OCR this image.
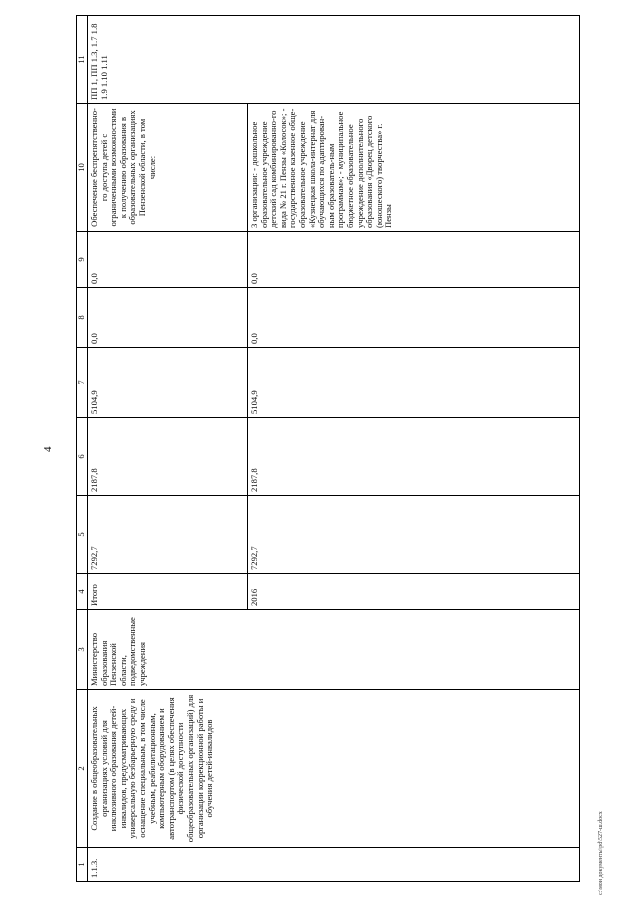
4
1	2	3	4	5	6	7	8	9	10	11
1.1.3.	Создание в общеобразовательных организациях условий для инклюзивного образования детей-инвалидов, предусматривающих универсальную безбарьерную среду и оснащение специальным, в том числе учебным, реабилитационным, компьютерным оборудованием и автотранспортом (в целях обеспечения физической доступности общеобразовательных организаций) для организации коррекционной работы и обучения детей-инвалидов	Министерство образования Пензенской области, подведомственные учреждения	Итого	7292,7	2187,8	5104,9	0,0	0,0	Обеспечение беспрепятственно-го доступа детей с ограниченными возможностями к получению образования в образовательных организациях Пензенской области, в том числе:	ПП 1, ПП 1.3, 1.7 1.8 1.9 1.10 1.11
			2016	7292,7	2187,8	5104,9	0,0	0,0	3 организации: - дошкольное образовательное учреждение детский сад комбинированно-го вида № 21 г. Пензы «Колосок»; - государственное казенное обще-образовательное учреждение «Кузнецкая школа-интернат для обучающихся по адаптирован-ным образователь-ным программам»; - муниципальное бюджетное образовательное учреждение дополнительного образования «Дворец детского (юношеского) творчества» г. Пензы	
c:\мои документы\pd\527-ш.docx
